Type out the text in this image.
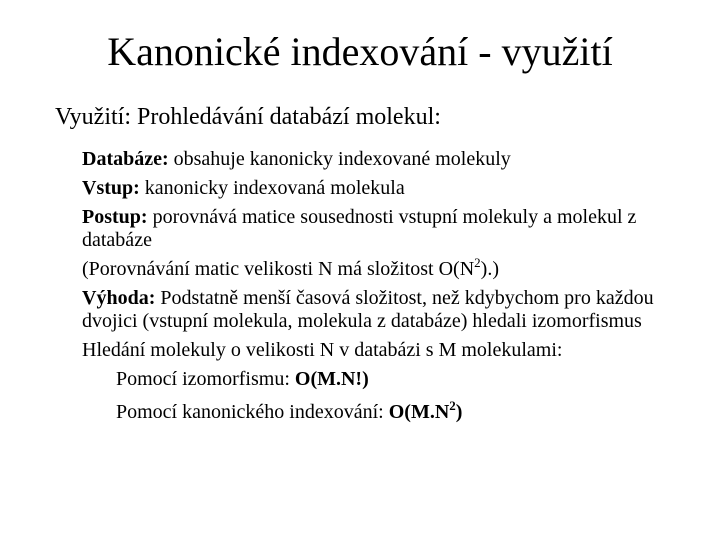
Kanonické indexování - využití
Využití: Prohledávání databází molekul:
Databáze: obsahuje kanonicky indexované molekuly
Vstup: kanonicky indexovaná molekula
Postup: porovnává matice sousednosti vstupní molekuly a molekul z databáze
(Porovnávání matic velikosti N má složitost $O(N^2)$.)
Výhoda: Podstatně menší časová složitost, než kdybychom pro každou dvojici (vstupní molekula, molekula z databáze) hledali izomorfismus
Hledání molekuly o velikosti N v databázi s M molekulami:
Pomocí izomorfismu: O(M.N!)
Pomocí kanonického indexování: $O(M.N^2)$
